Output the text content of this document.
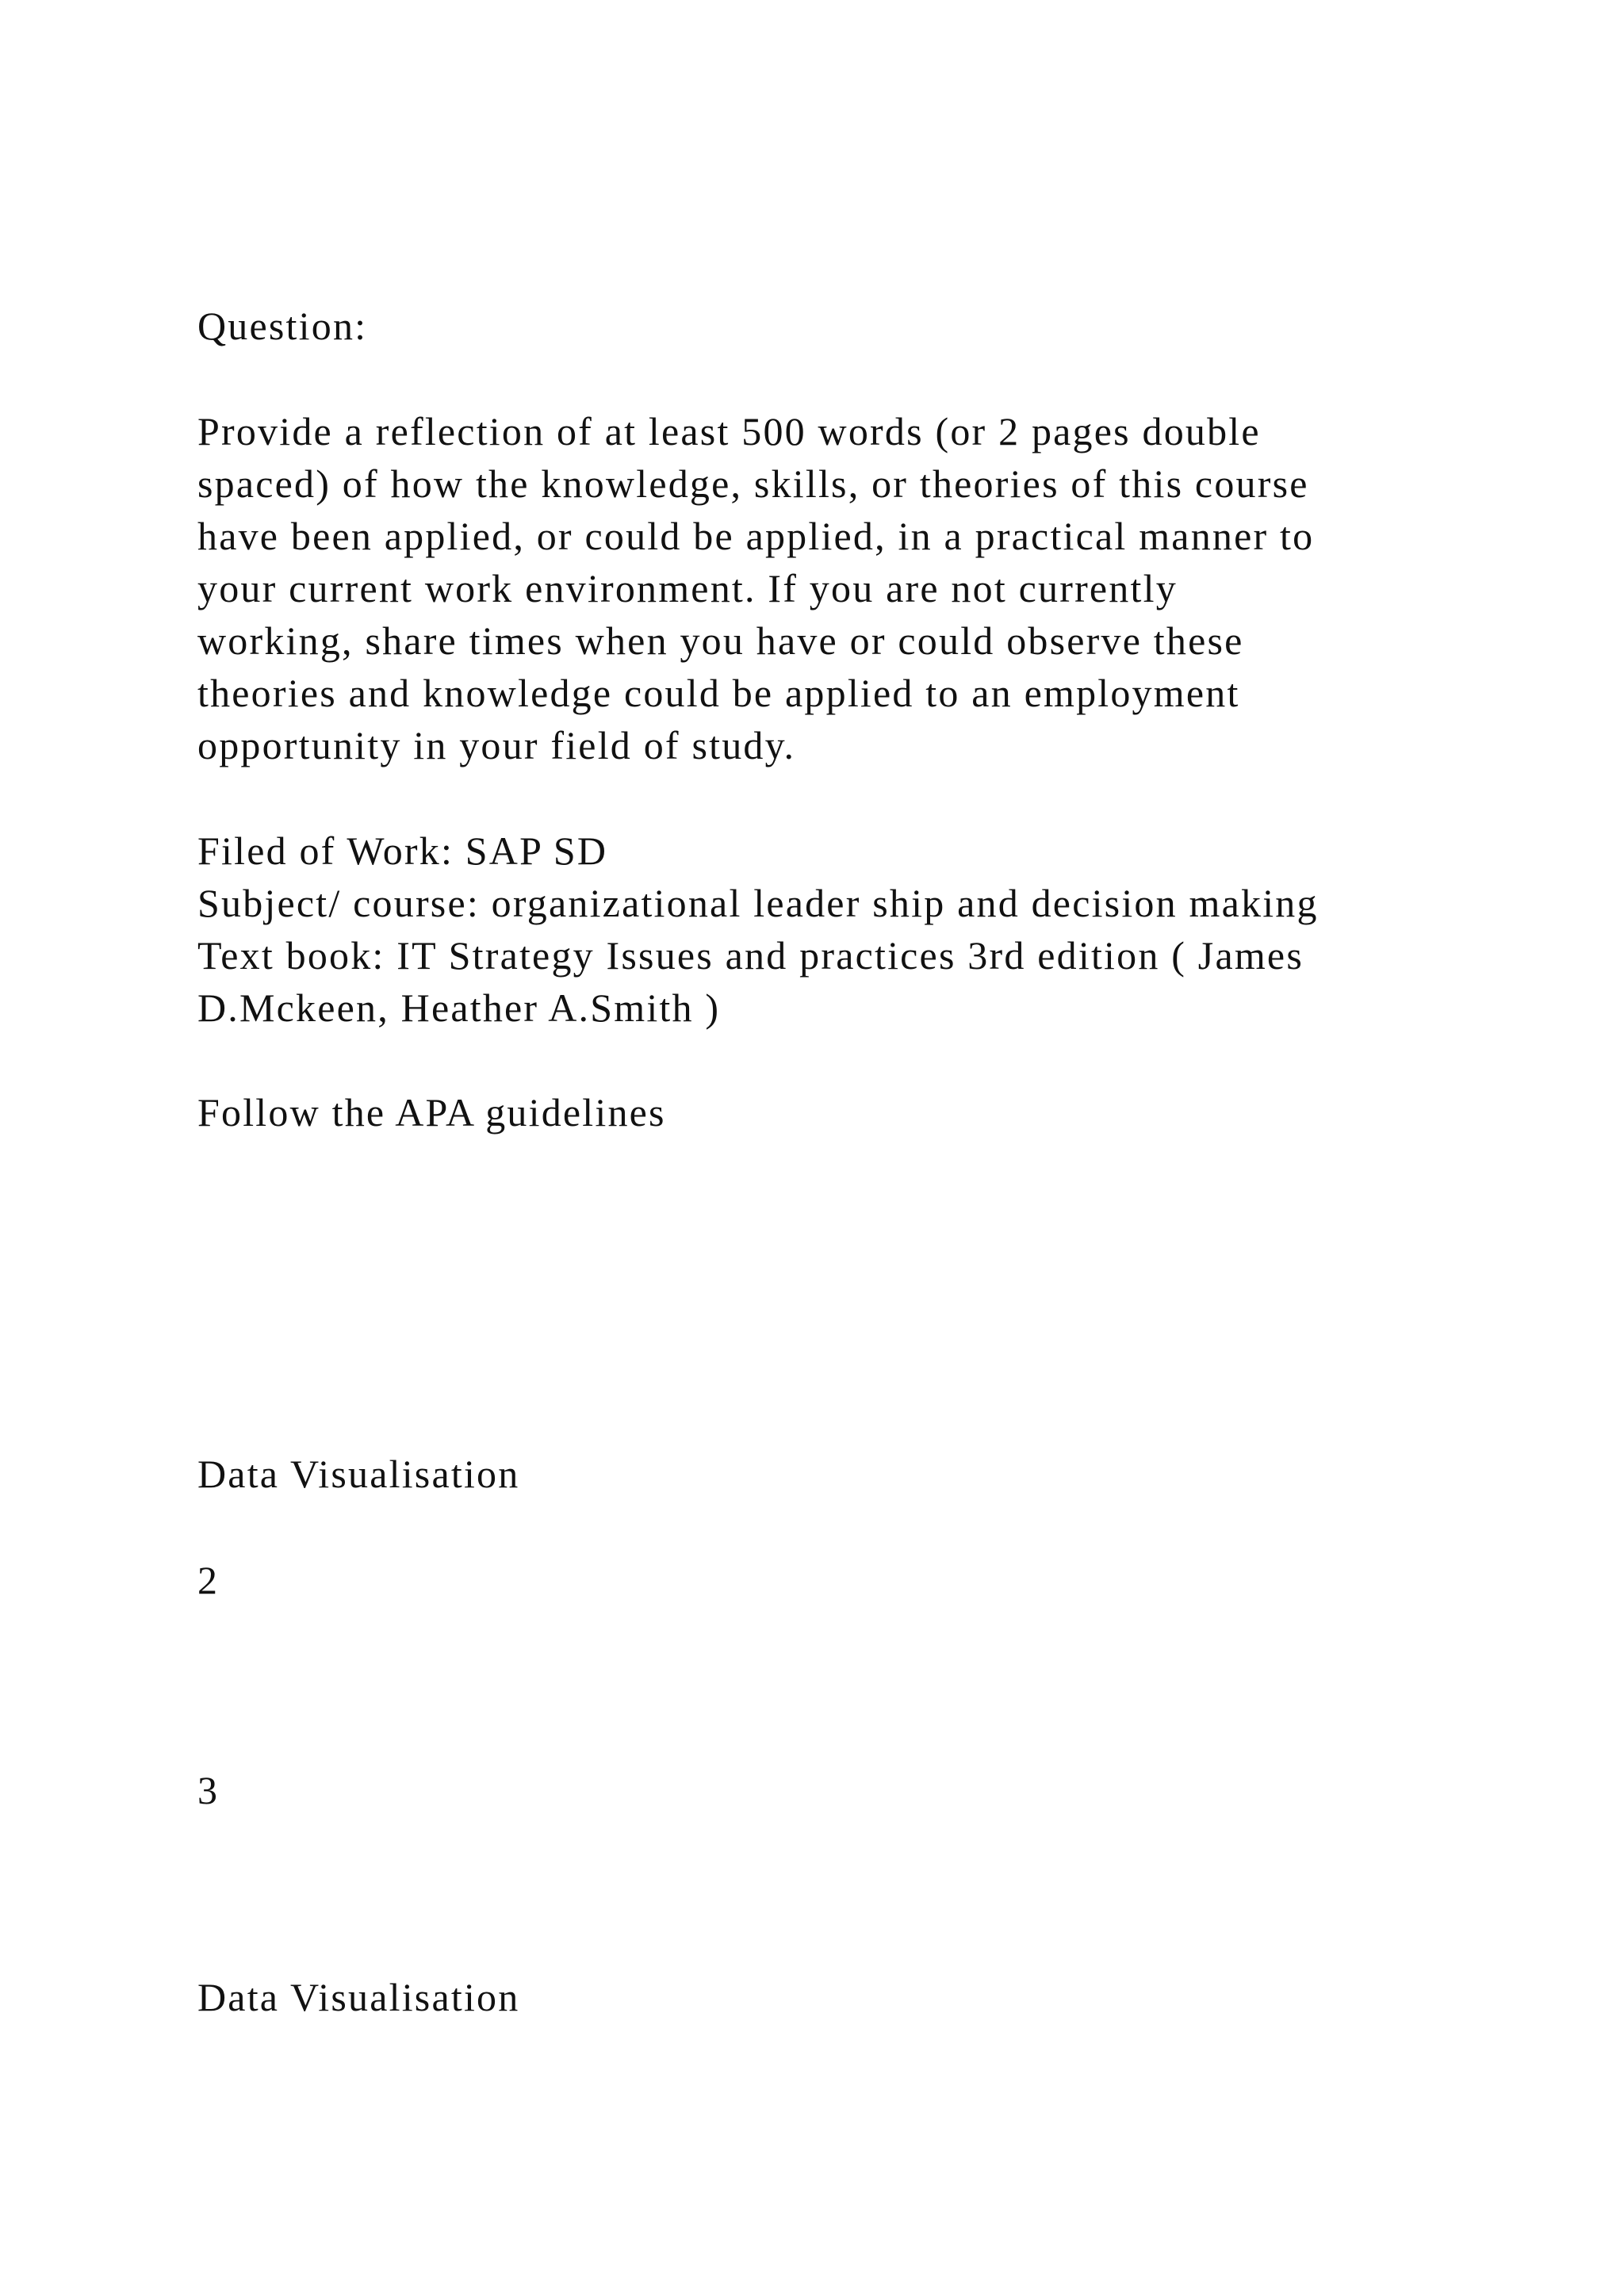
Question:

Provide a reflection of at least 500 words (or 2 pages double

spaced) of how the knowledge, skills, or theories of this course

have been applied, or could be applied, in a practical manner to

your current work environment. If you are not currently

working, share times when you have or could observe these

theories and knowledge could be applied to an employment

opportunity in your field of study.

Filed of Work: SAP SD

Subject/ course: organizational leader ship and decision making

Text book: IT Strategy Issues and practices 3rd edition ( James

D.Mckeen, Heather A.Smith )

Follow the APA guidelines

Data Visualisation

2

3

Data Visualisation
